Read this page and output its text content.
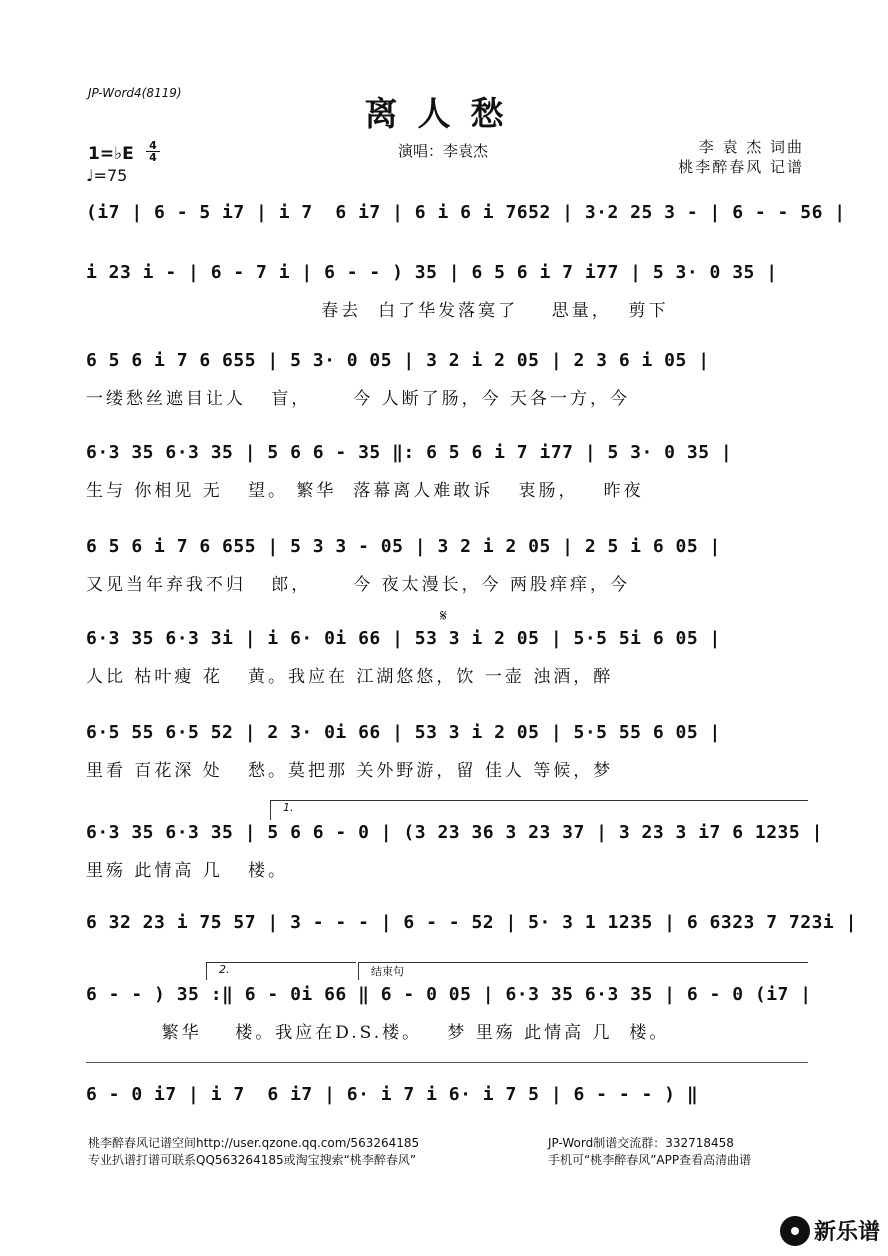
JP-Word4(8119)
离人愁
1=♭E 4
4
♩=75
演唱：李袁杰	李 袁 杰 词曲
桃李醉春风 记谱
(i7 | 6 - 5 i7 | i 7  6 i7 | 6 i 6 i 7652 | 3·2 25 3 - | 6 - - 56 |
i 23 i - | 6 - 7 i | 6 - - ) 35 | 6 5 6 i 7 i77 | 5 3· 0 35 |
春去  白了华发落寞了    思量，  剪下
6 5 6 i 7 6 655 | 5 3· 0 05 | 3 2 i 2 05 | 2 3 6 i 05 |
一缕愁丝遮目让人   盲，     今 人断了肠，今 天各一方，今
6·3 35 6·3 35 | 5 6 6 - 35 ‖: 6 5 6 i 7 i77 | 5 3· 0 35 |
生与 你相见 无   望。 繁华  落幕离人难敢诉   衷肠，   昨夜
6 5 6 i 7 6 655 | 5 3 3 - 05 | 3 2 i 2 05 | 2 5 i 6 05 |
又见当年弃我不归   郎，     今 夜太漫长，今 两股痒痒，今
𝄋
6·3 35 6·3 3i | i 6· 0i 66 | 53 3 i 2 05 | 5·5 5i 6 05 |
人比 枯叶瘦 花   黄。我应在 江湖悠悠，饮 一壶 浊酒，醉
6·5 55 6·5 52 | 2 3· 0i 66 | 53 3 i 2 05 | 5·5 55 6 05 |
里看 百花深 处   愁。莫把那 关外野游，留 佳人 等候，梦
1.
6·3 35 6·3 35 | 5 6 6 - 0 | (3 23 36 3 23 37 | 3 23 3 i7 6 1235 |
里殇 此情高 几   楼。
6 32 23 i 75 57 | 3 - - - | 6 - - 52 | 5· 3 1 1235 | 6 6323 7 723i |
2.	结束句
6 - - ) 35 :‖ 6 - 0i 66 ‖ 6 - 0 05 | 6·3 35 6·3 35 | 6 - 0 (i7 |
繁华    楼。我应在D.S.楼。   梦 里殇 此情高 几  楼。
6 - 0 i7 | i 7  6 i7 | 6· i 7 i 6· i 7 5 | 6 - - - ) ‖
桃李醉春风记谱空间http://user.qzone.qq.com/563264185
专业扒谱打谱可联系QQ563264185或淘宝搜索“桃李醉春风”
JP-Word制谱交流群：332718458
手机可“桃李醉春风”APP查看高清曲谱
新乐谱
